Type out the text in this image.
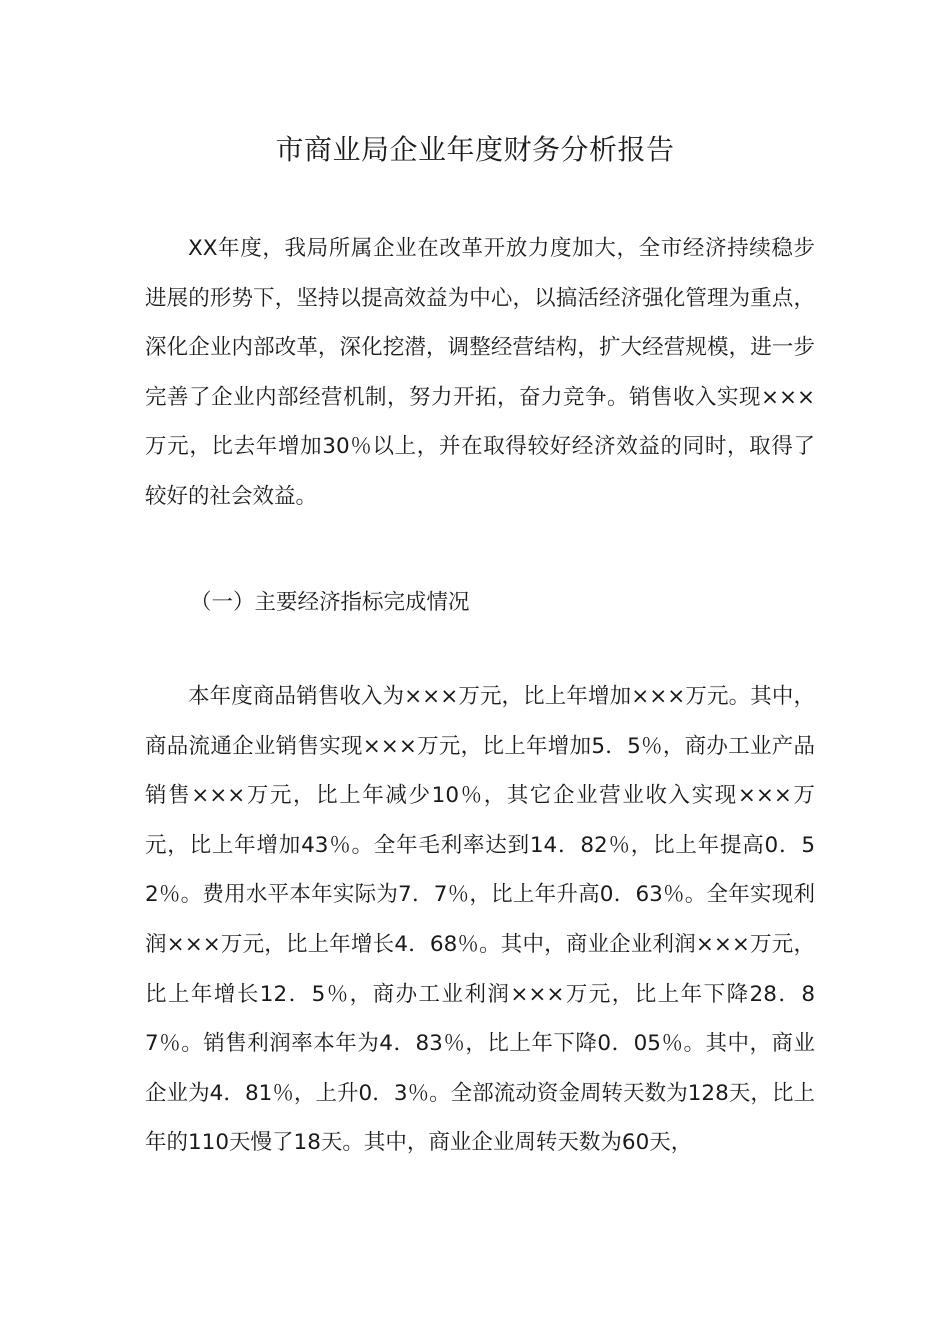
市商业局企业年度财务分析报告

XX年度，我局所属企业在改革开放力度加大，全市经济持续稳步进展的形势下，坚持以提高效益为中心，以搞活经济强化管理为重点，深化企业内部改革，深化挖潜，调整经营结构，扩大经营规模，进一步完善了企业内部经营机制，努力开拓，奋力竞争。销售收入实现×××万元，比去年增加30％以上，并在取得较好经济效益的同时，取得了较好的社会效益。

（一）主要经济指标完成情况

本年度商品销售收入为×××万元，比上年增加×××万元。其中，商品流通企业销售实现×××万元，比上年增加5．5％，商办工业产品销售×××万元，比上年减少10％，其它企业营业收入实现×××万元，比上年增加43％。全年毛利率达到14．82％，比上年提高0．52％。费用水平本年实际为7．7％，比上年升高0．63％。全年实现利润×××万元，比上年增长4．68％。其中，商业企业利润×××万元，比上年增长12．5％，商办工业利润×××万元，比上年下降28．87％。销售利润率本年为4．83％，比上年下降0．05％。其中，商业企业为4．81％，上升0．3％。全部流动资金周转天数为128天，比上年的110天慢了18天。其中，商业企业周转天数为60天，
